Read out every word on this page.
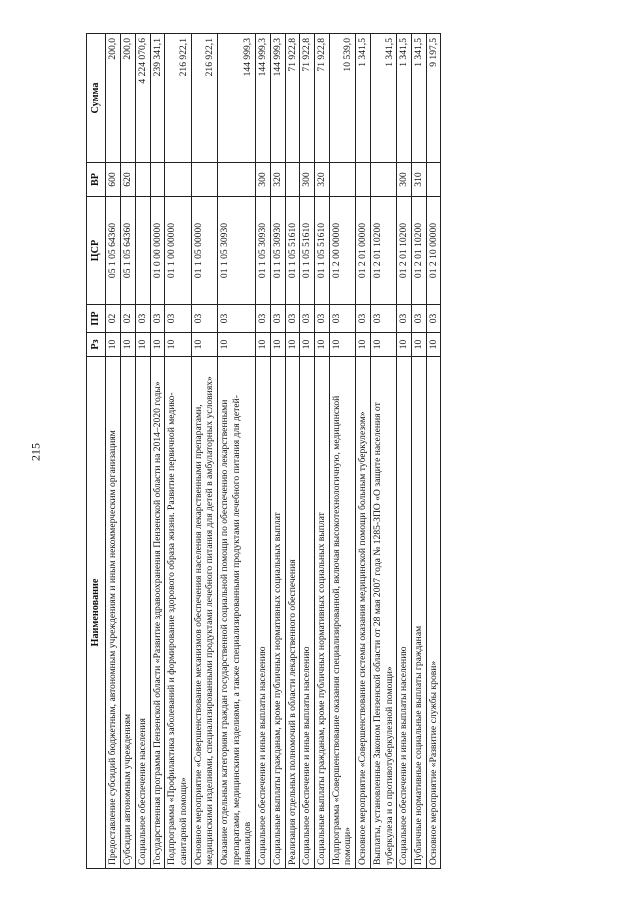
215
Наименование	Рз	ПР	ЦСР	ВР	Сумма
Предоставление субсидий бюджетным, автономным учреждениям и иным некоммерческим организациям	10	02	05 1 05 64360	600	200,0
Субсидии автономным учреждениям	10	02	05 1 05 64360	620	200,0
Социальное обеспечение населения	10	03			4 224 070,6
Государственная программа Пензенской области «Развитие здравоохранения Пензенской области на 2014–2020 годы»	10	03	01 0 00 00000		239 341,1
Подпрограмма «Профилактика заболеваний и формирование здорового образа жизни. Развитие первичной медико-санитарной помощи»	10	03	01 1 00 00000		216 922,1
Основное мероприятие «Совершенствование механизмов обеспечения населения лекарственными препаратами, медицинскими изделиями, специализированными продуктами лечебного питания для детей в амбулаторных условиях»	10	03	01 1 05 00000		216 922,1
Оказание отдельным категориям граждан государственной социальной помощи по обеспечению лекарственными препаратами, медицинскими изделиями, а также специализированными продуктами лечебного питания для детей-инвалидов	10	03	01 1 05 30930		144 999,3
Социальное обеспечение и иные выплаты населению	10	03	01 1 05 30930	300	144 999,3
Социальные выплаты гражданам, кроме публичных нормативных социальных выплат	10	03	01 1 05 30930	320	144 999,3
Реализация отдельных полномочий в области лекарственного обеспечения	10	03	01 1 05 51610		71 922,8
Социальное обеспечение и иные выплаты населению	10	03	01 1 05 51610	300	71 922,8
Социальные выплаты гражданам, кроме публичных нормативных социальных выплат	10	03	01 1 05 51610	320	71 922,8
Подпрограмма «Совершенствование оказания специализированной, включая высокотехнологичную, медицинской помощи»	10	03	01 2 00 00000		10 539,0
Основное мероприятие «Совершенствование системы оказания медицинской помощи больным туберкулезом»	10	03	01 2 01 00000		1 341,5
Выплаты, установленные Законом Пензенской области от 28 мая 2007 года № 1285-ЗПО «О защите населения от туберкулеза и о противотуберкулезной помощи»	10	03	01 2 01 10200		1 341,5
Социальное обеспечение и иные выплаты населению	10	03	01 2 01 10200	300	1 341,5
Публичные нормативные социальные выплаты гражданам	10	03	01 2 01 10200	310	1 341,5
Основное мероприятие «Развитие службы крови»	10	03	01 2 10 00000		9 197,5
